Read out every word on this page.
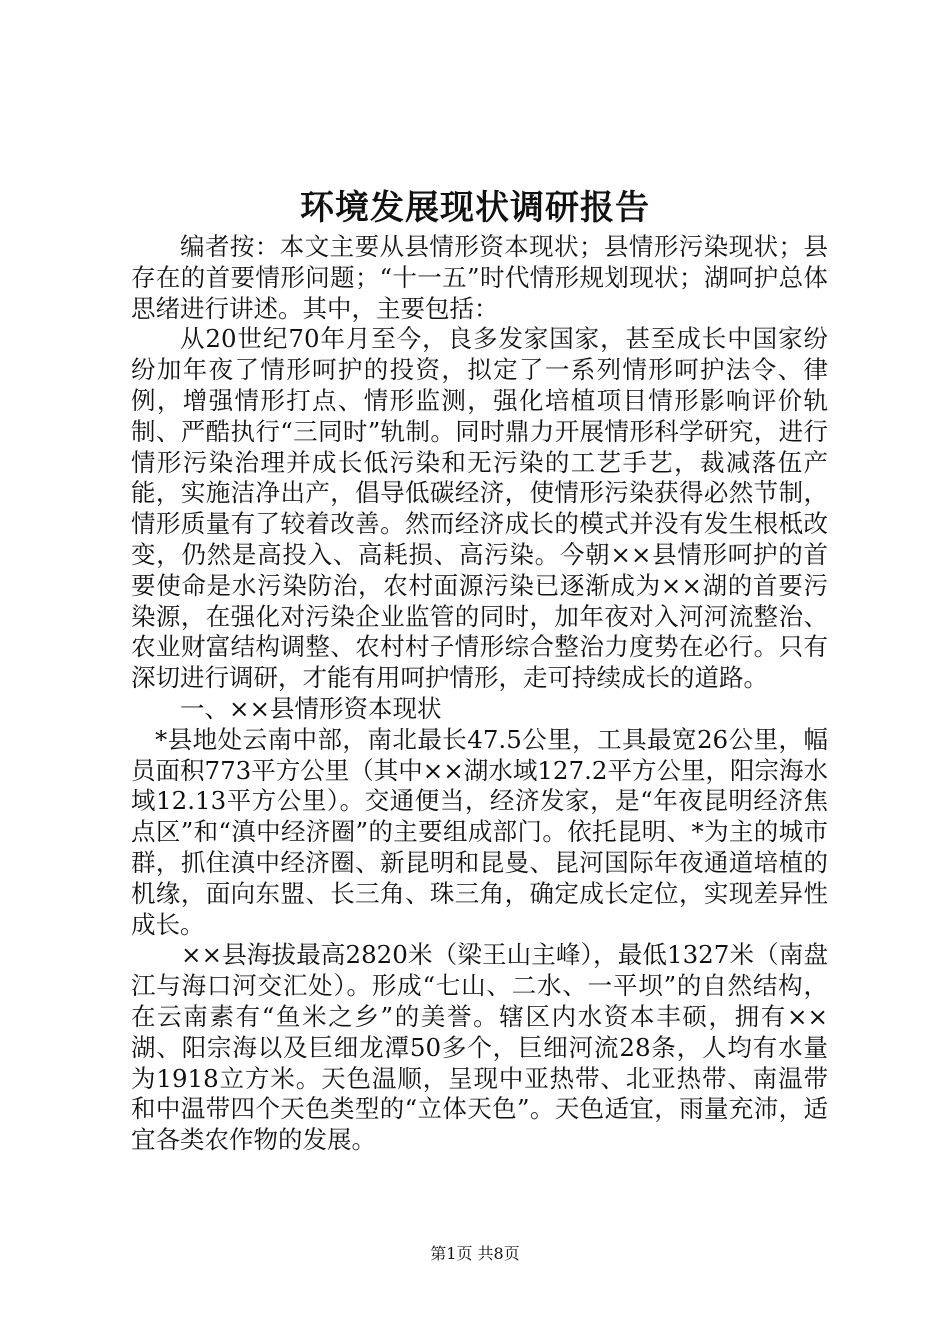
环境发展现状调研报告

编者按：本文主要从县情形资本现状；县情形污染现状；县存在的首要情形问题；“十一五”时代情形规划现状；湖呵护总体思绪进行讲述。其中，主要包括：

从20世纪70年月至今，良多发家国家，甚至成长中国家纷纷加年夜了情形呵护的投资，拟定了一系列情形呵护法令、律例，增强情形打点、情形监测，强化培植项目情形影响评价轨制、严酷执行“三同时”轨制。同时鼎力开展情形科学研究，进行情形污染治理并成长低污染和无污染的工艺手艺，裁减落伍产能，实施洁净出产，倡导低碳经济，使情形污染获得必然节制，情形质量有了较着改善。然而经济成长的模式并没有发生根柢改变，仍然是高投入、高耗损、高污染。今朝××县情形呵护的首要使命是水污染防治，农村面源污染已逐渐成为××湖的首要污染源，在强化对污染企业监管的同时，加年夜对入河河流整治、农业财富结构调整、农村村子情形综合整治力度势在必行。只有深切进行调研，才能有用呵护情形，走可持续成长的道路。

一、××县情形资本现状

*县地处云南中部，南北最长47.5公里，工具最宽26公里，幅员面积773平方公里（其中××湖水域127.2平方公里，阳宗海水域12.13平方公里）。交通便当，经济发家，是“年夜昆明经济焦点区”和“滇中经济圈”的主要组成部门。依托昆明、*为主的城市群，抓住滇中经济圈、新昆明和昆曼、昆河国际年夜通道培植的机缘，面向东盟、长三角、珠三角，确定成长定位，实现差异性成长。

××县海拔最高2820米（梁王山主峰），最低1327米（南盘江与海口河交汇处）。形成“七山、二水、一平坝”的自然结构，在云南素有“鱼米之乡”的美誉。辖区内水资本丰硕，拥有××湖、阳宗海以及巨细龙潭50多个，巨细河流28条，人均有水量为1918立方米。天色温顺，呈现中亚热带、北亚热带、南温带和中温带四个天色类型的“立体天色”。天色适宜，雨量充沛，适宜各类农作物的发展。

第1页 共8页
